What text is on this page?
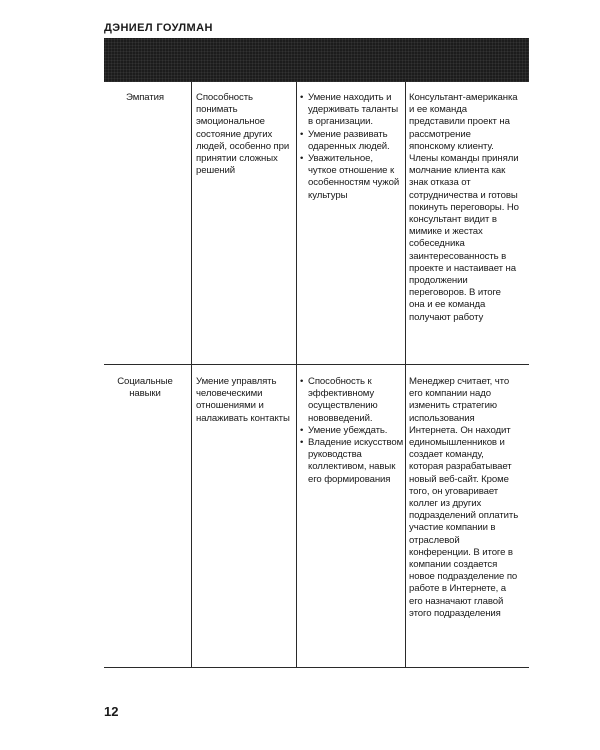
ДЭНИЕЛ ГОУЛМАН
Эмпатия	Способность понимать эмоциональное состояние других людей, особенно при принятии сложных решений
• Умение находить и удерживать таланты в организации.
• Умение развивать одаренных людей.
• Уважительное, чуткое отношение к особенностям чужой культуры
Консультант-американка и ее команда представили проект на рассмотрение японскому клиенту. Члены команды приняли молчание клиента как знак отказа от сотрудничества и готовы покинуть переговоры. Но консультант видит в мимике и жестах собеседника заинтересованность в проекте и настаивает на продолжении переговоров. В итоге она и ее команда получают работу
Социальные навыки
Умение управлять человеческими отношениями и налаживать контакты
• Способность к эффективному осуществлению нововведений.
• Умение убеждать.
• Владение искусством руководства коллективом, навык его формирования
Менеджер считает, что его компании надо изменить стратегию использования Интернета. Он находит единомышленников и создает команду, которая разрабатывает новый веб-сайт. Кроме того, он уговаривает коллег из других подразделений оплатить участие компании в отраслевой конференции. В итоге в компании создается новое подразделение по работе в Интернете, а его назначают главой этого подразделения
12
